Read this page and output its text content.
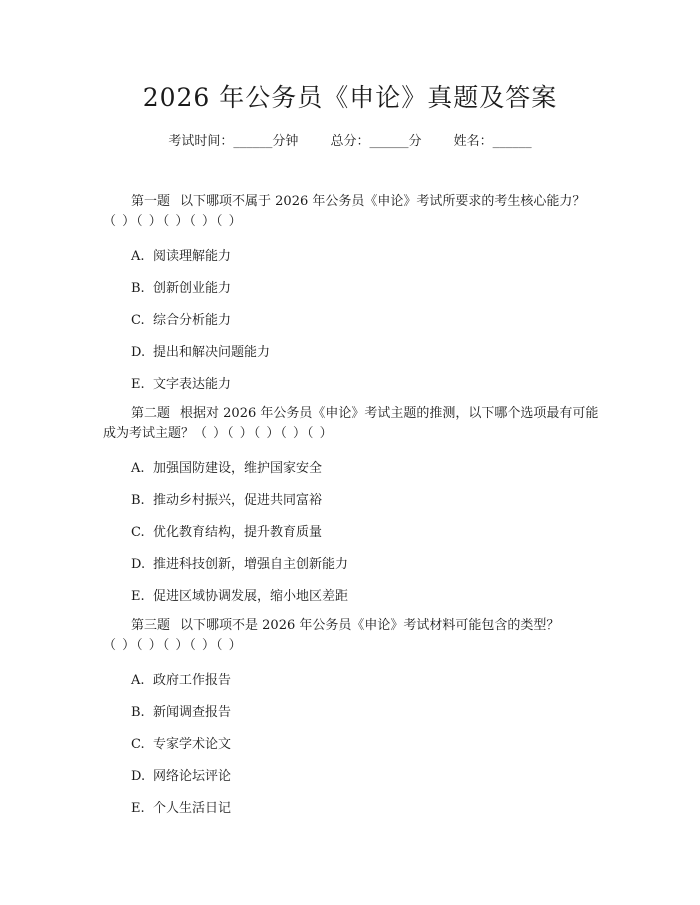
2026 年公务员《申论》真题及答案
考试时间：______分钟 总分：______分 姓名：______
第一题 以下哪项不属于 2026 年公务员《申论》考试所要求的考生核心能力？
（ ）（ ）（ ）（ ）（ ）
A. 阅读理解能力
B. 创新创业能力
C. 综合分析能力
D. 提出和解决问题能力
E. 文字表达能力
第二题 根据对 2026 年公务员《申论》考试主题的推测，以下哪个选项最有可能成为考试主题？（ ）（ ）（ ）（ ）（ ）
A. 加强国防建设，维护国家安全
B. 推动乡村振兴，促进共同富裕
C. 优化教育结构，提升教育质量
D. 推进科技创新，增强自主创新能力
E. 促进区域协调发展，缩小地区差距
第三题 以下哪项不是 2026 年公务员《申论》考试材料可能包含的类型？
（ ）（ ）（ ）（ ）（ ）
A. 政府工作报告
B. 新闻调查报告
C. 专家学术论文
D. 网络论坛评论
E. 个人生活日记
